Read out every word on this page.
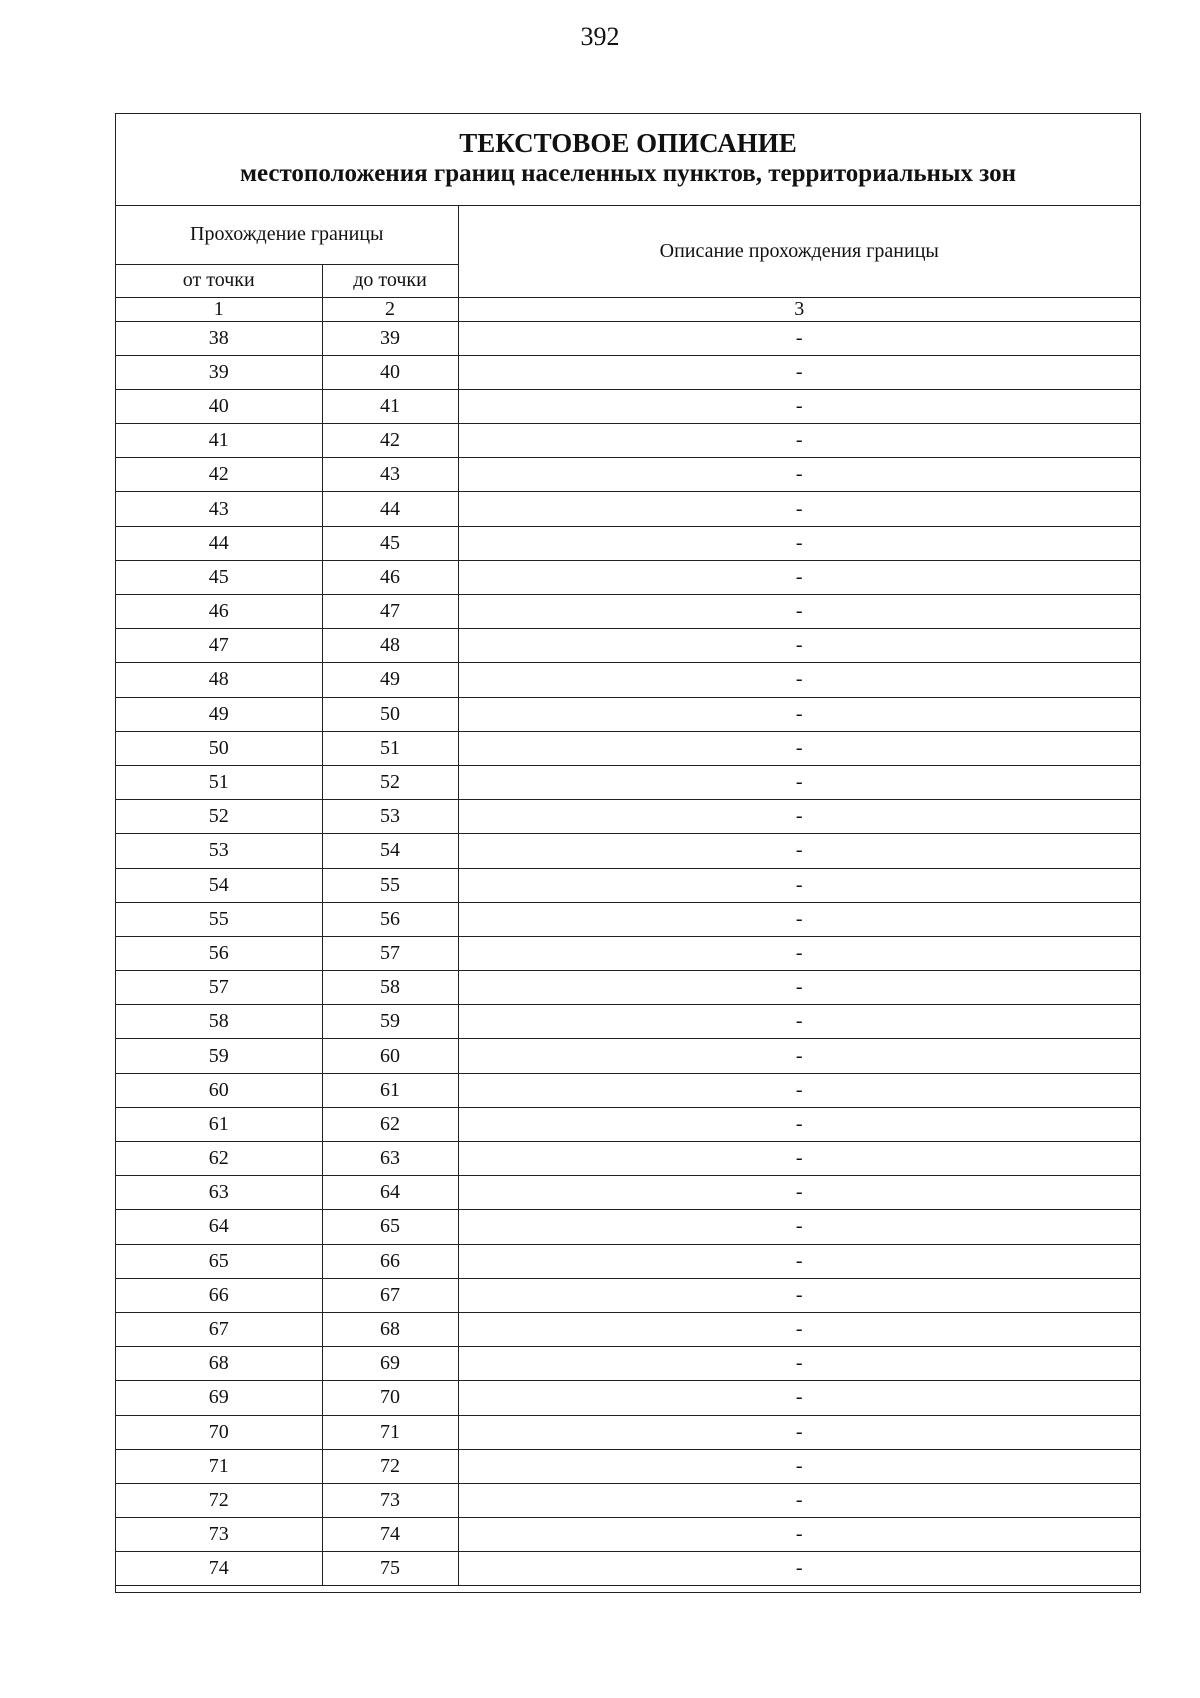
392
ТЕКСТОВОЕ ОПИСАНИЕ
местоположения границ населенных пунктов, территориальных зон
Прохождение границы		Описание прохождения границы
от точки	до точки	
1	2	3
38	39	-
39	40	-
40	41	-
41	42	-
42	43	-
43	44	-
44	45	-
45	46	-
46	47	-
47	48	-
48	49	-
49	50	-
50	51	-
51	52	-
52	53	-
53	54	-
54	55	-
55	56	-
56	57	-
57	58	-
58	59	-
59	60	-
60	61	-
61	62	-
62	63	-
63	64	-
64	65	-
65	66	-
66	67	-
67	68	-
68	69	-
69	70	-
70	71	-
71	72	-
72	73	-
73	74	-
74	75	-
